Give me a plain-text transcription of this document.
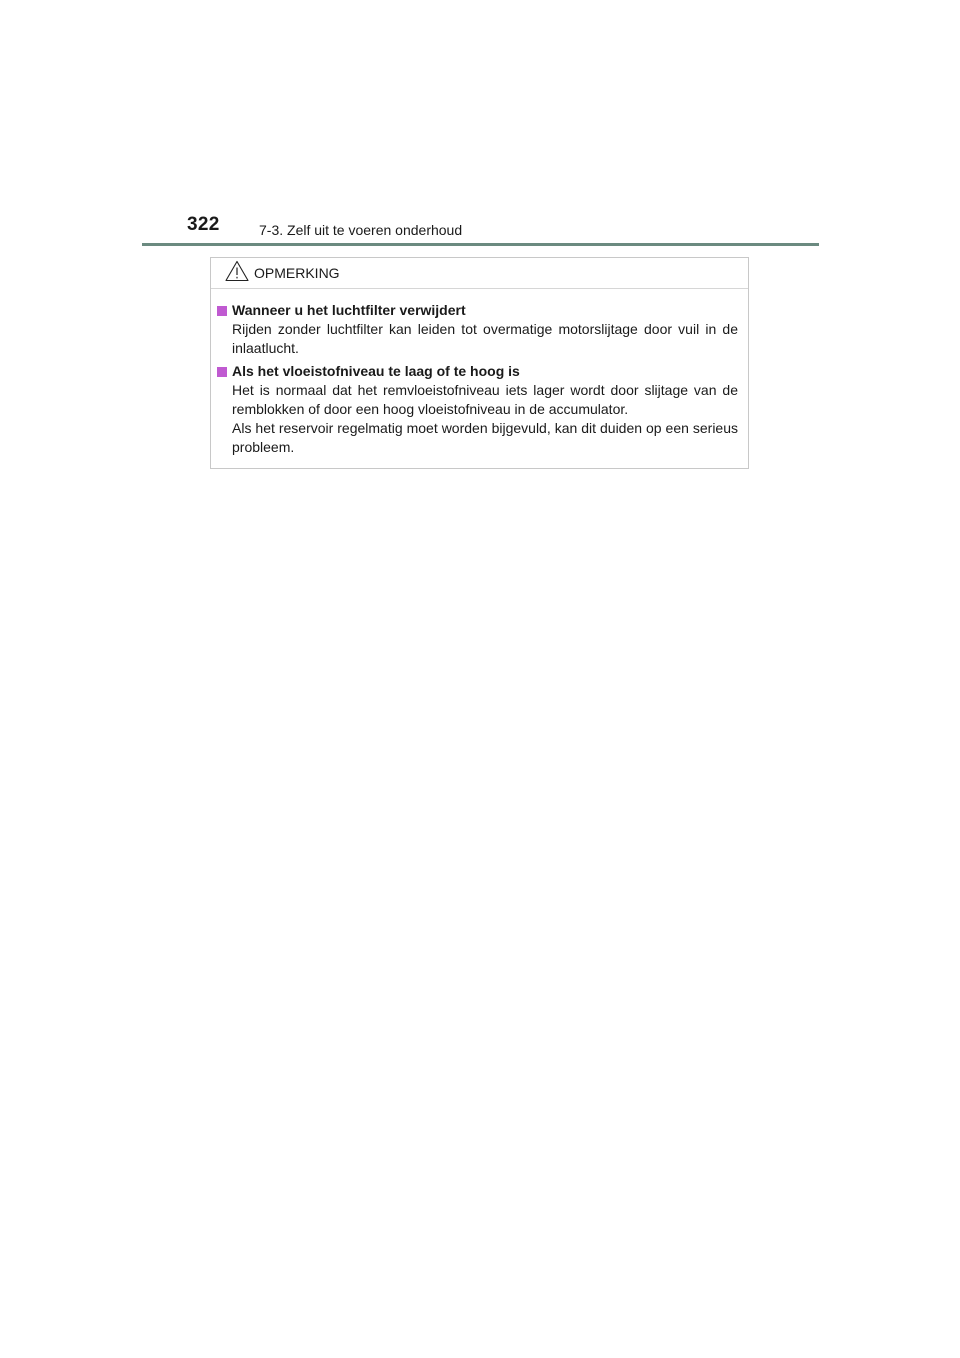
322	7-3. Zelf uit te voeren onderhoud
OPMERKING
Wanneer u het luchtfilter verwijdert

Rijden zonder luchtfilter kan leiden tot overmatige motorslijtage door vuil in de inlaatlucht.

Als het vloeistofniveau te laag of te hoog is

Het is normaal dat het remvloeistofniveau iets lager wordt door slijtage van de remblokken of door een hoog vloeistofniveau in de accumulator.

Als het reservoir regelmatig moet worden bijgevuld, kan dit duiden op een serieus probleem.
